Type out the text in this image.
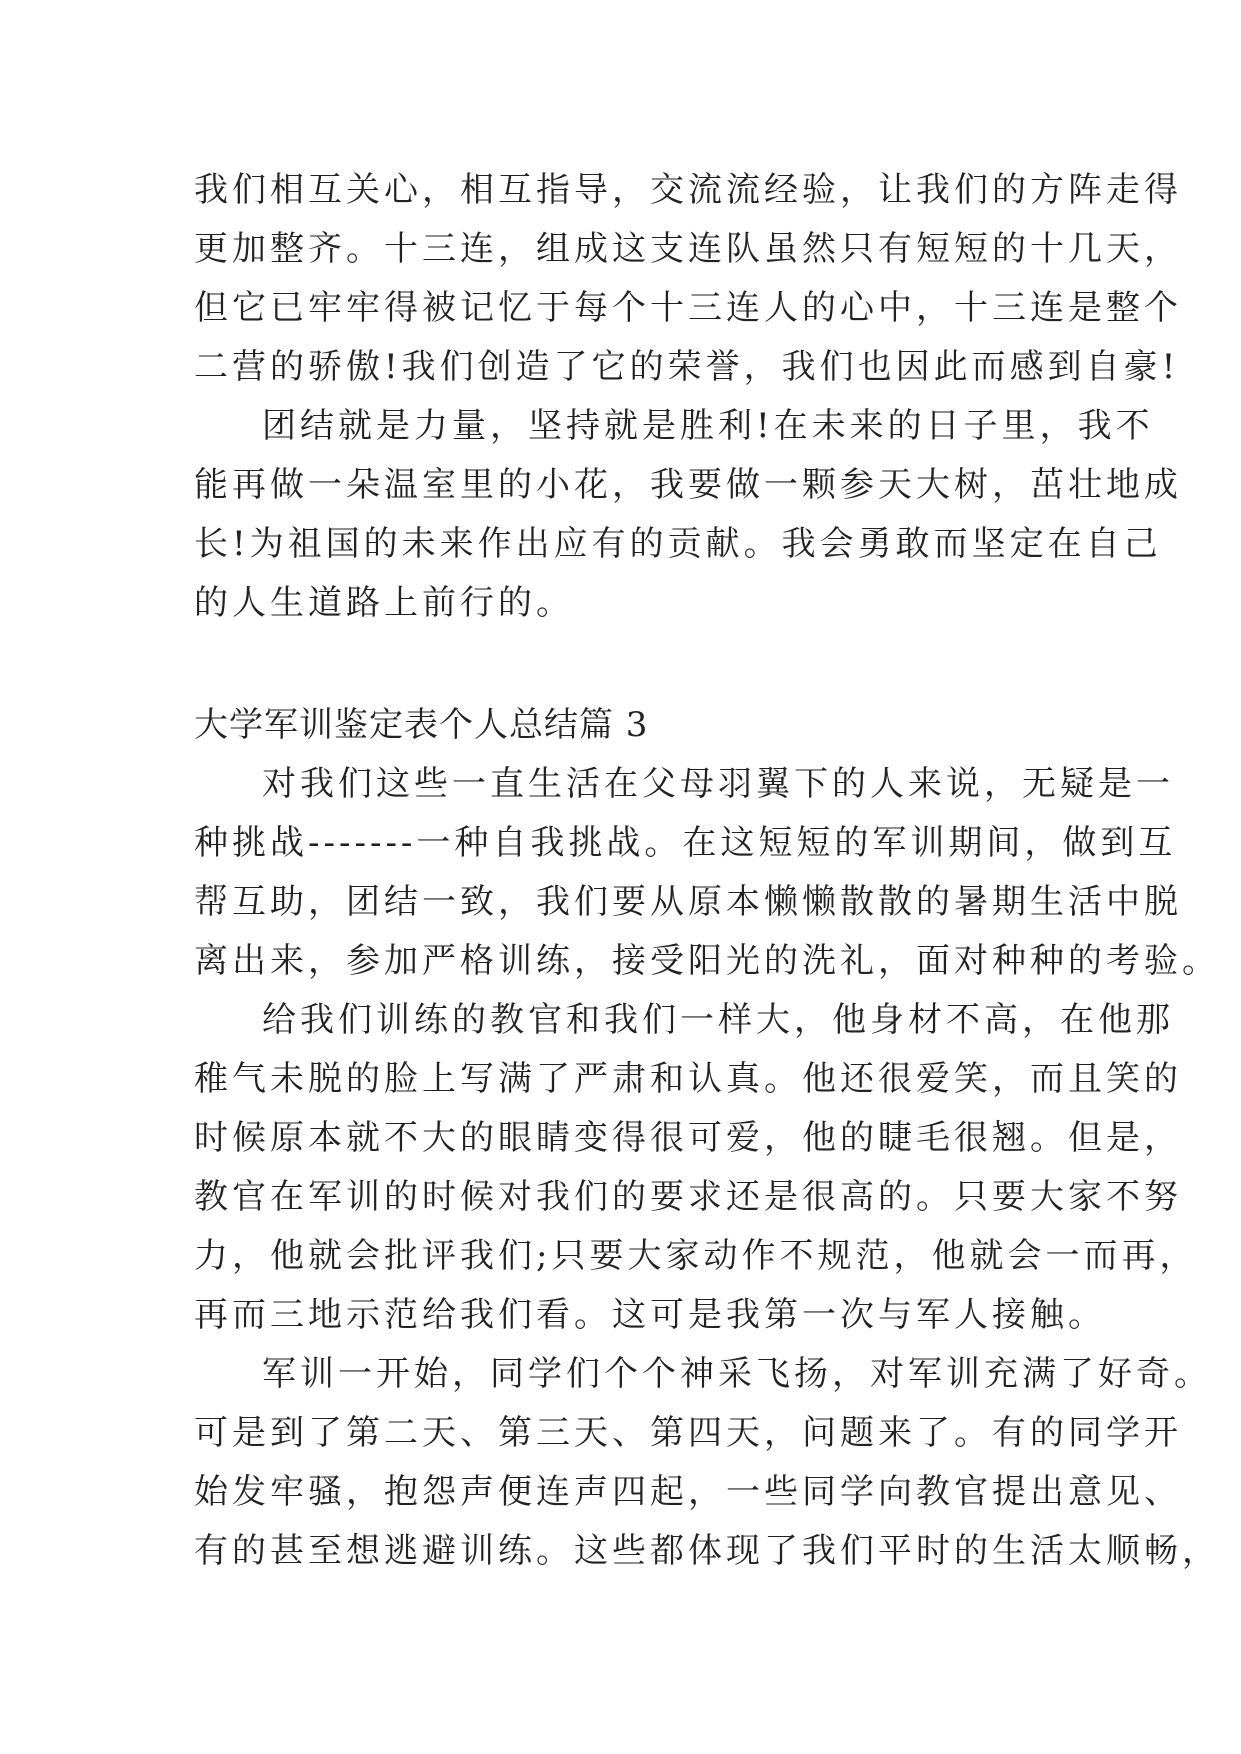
我们相互关心，相互指导，交流流经验，让我们的方阵走得
更加整齐。十三连，组成这支连队虽然只有短短的十几天，
但它已牢牢得被记忆于每个十三连人的心中，十三连是整个
二营的骄傲!我们创造了它的荣誉，我们也因此而感到自豪!
团结就是力量，坚持就是胜利!在未来的日子里，我不
能再做一朵温室里的小花，我要做一颗参天大树，茁壮地成
长!为祖国的未来作出应有的贡献。我会勇敢而坚定在自己
的人生道路上前行的。
大学军训鉴定表个人总结篇 3
对我们这些一直生活在父母羽翼下的人来说，无疑是一
种挑战-------一种自我挑战。在这短短的军训期间，做到互
帮互助，团结一致，我们要从原本懒懒散散的暑期生活中脱
离出来，参加严格训练，接受阳光的洗礼，面对种种的考验。
给我们训练的教官和我们一样大，他身材不高，在他那
稚气未脱的脸上写满了严肃和认真。他还很爱笑，而且笑的
时候原本就不大的眼睛变得很可爱，他的睫毛很翘。但是，
教官在军训的时候对我们的要求还是很高的。只要大家不努
力，他就会批评我们;只要大家动作不规范，他就会一而再，
再而三地示范给我们看。这可是我第一次与军人接触。
军训一开始，同学们个个神采飞扬，对军训充满了好奇。
可是到了第二天、第三天、第四天，问题来了。有的同学开
始发牢骚，抱怨声便连声四起，一些同学向教官提出意见、
有的甚至想逃避训练。这些都体现了我们平时的生活太顺畅，
